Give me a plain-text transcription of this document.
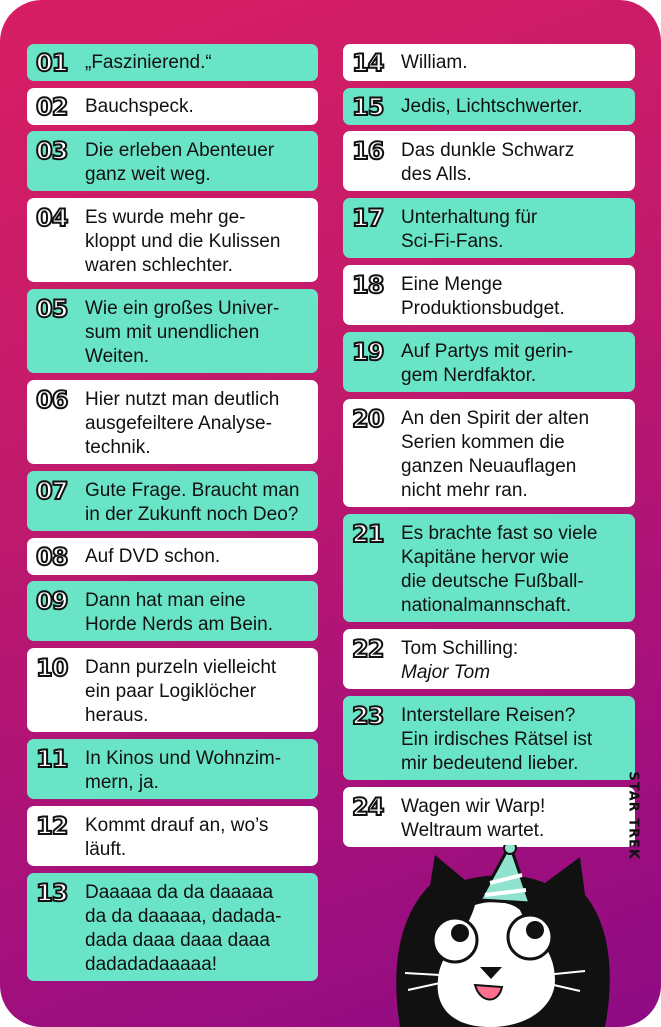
01 „Faszinierend.“
02 Bauchspeck.
03 Die erleben Abenteuer
ganz weit weg.
04 Es wurde mehr ge-
kloppt und die Kulissen
waren schlechter.
05 Wie ein großes Univer-
sum mit unendlichen
Weiten.
06 Hier nutzt man deutlich
ausgefeiltere Analyse-
technik.
07 Gute Frage. Braucht man
in der Zukunft noch Deo?
08 Auf DVD schon.
09 Dann hat man eine
Horde Nerds am Bein.
10 Dann purzeln vielleicht
ein paar Logiklöcher
heraus.
11 In Kinos und Wohnzim-
mern, ja.
12 Kommt drauf an, wo’s
läuft.
13 Daaaaa da da daaaaa
da da daaaaa, dadada-
dada daaa daaa daaa
dadadadaaaaa!
14 William.
15 Jedis, Lichtschwerter.
16 Das dunkle Schwarz
des Alls.
17 Unterhaltung für
Sci-Fi-Fans.
18 Eine Menge
Produktionsbudget.
19 Auf Partys mit gerin-
gem Nerdfaktor.
20 An den Spirit der alten
Serien kommen die
ganzen Neuauflagen
nicht mehr ran.
21 Es brachte fast so viele
Kapitäne hervor wie
die deutsche Fußball-
nationalmannschaft.
22 Tom Schilling:
Major Tom
23 Interstellare Reisen?
Ein irdisches Rätsel ist
mir bedeutend lieber.
24 Wagen wir Warp!
Weltraum wartet.	STAR TREK
